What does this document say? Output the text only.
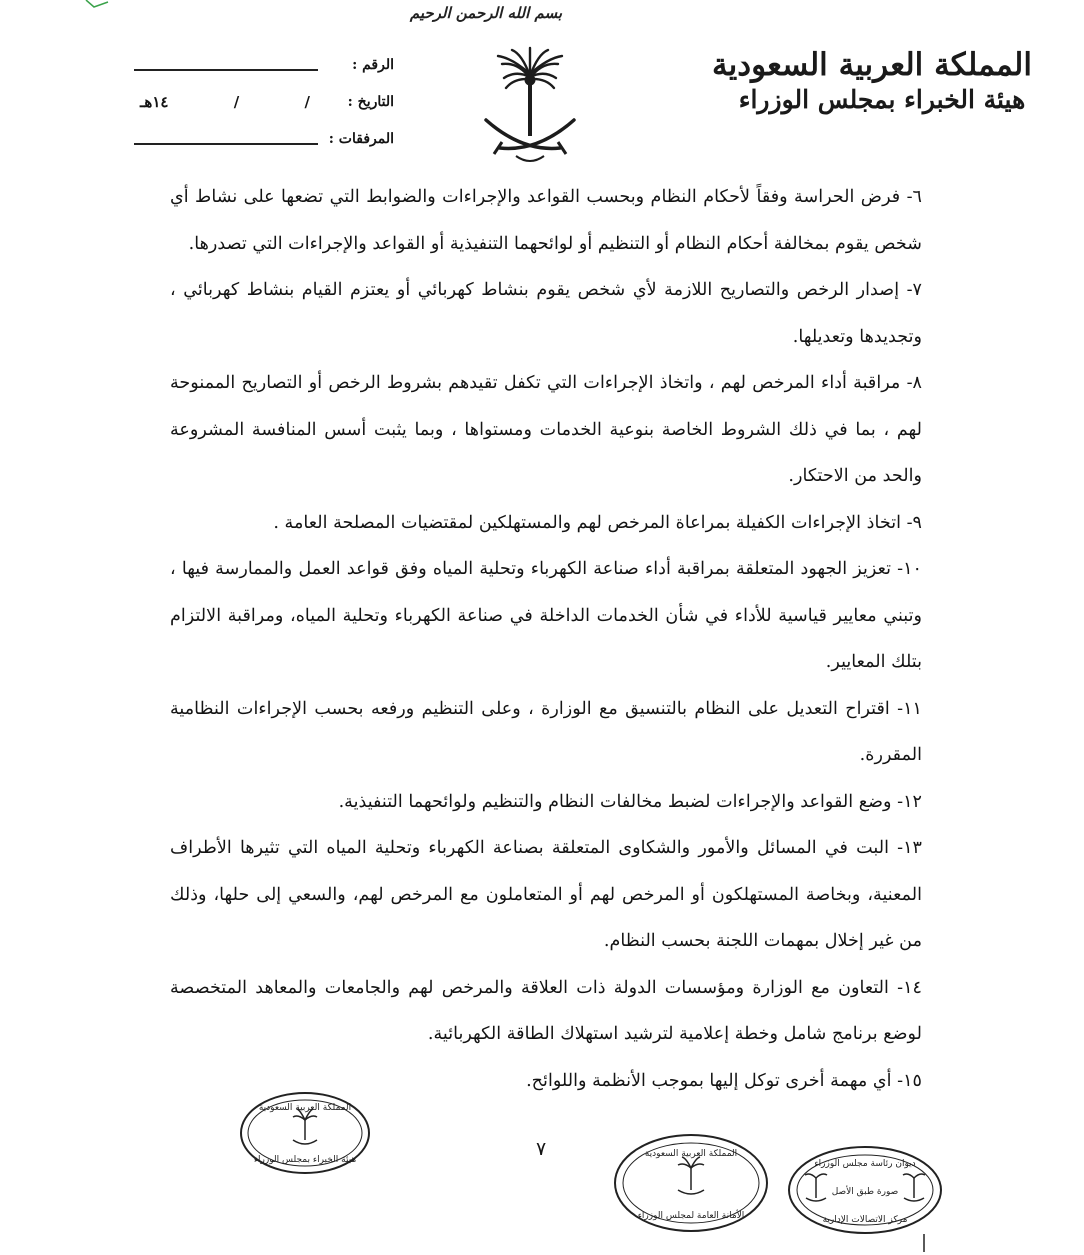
بسم الله الرحمن الرحيم
المملكة العربية السعودية
هيئة الخبراء بمجلس الوزراء
الرقم :
التاريخ :
/
/
١٤هـ
المرفقات :

٦- فرض الحراسة وفقاً لأحكام النظام وبحسب القواعد والإجراءات والضوابط التي تضعها على نشاط أي شخص يقوم بمخالفة أحكام النظام أو التنظيم أو لوائحهما التنفيذية أو القواعد والإجراءات التي تصدرها.

٧- إصدار الرخص والتصاريح اللازمة لأي شخص يقوم بنشاط كهربائي أو يعتزم القيام بنشاط كهربائي ، وتجديدها وتعديلها.

٨- مراقبة أداء المرخص لهم ، واتخاذ الإجراءات التي تكفل تقيدهم بشروط الرخص أو التصاريح الممنوحة لهم ، بما في ذلك الشروط الخاصة بنوعية الخدمات ومستواها ، وبما يثبت أسس المنافسة المشروعة والحد من الاحتكار.

٩- اتخاذ الإجراءات الكفيلة بمراعاة المرخص لهم والمستهلكين لمقتضيات المصلحة العامة .

١٠- تعزيز الجهود المتعلقة بمراقبة أداء صناعة الكهرباء وتحلية المياه وفق قواعد العمل والممارسة فيها ، وتبني معايير قياسية للأداء في شأن الخدمات الداخلة في صناعة الكهرباء وتحلية المياه، ومراقبة الالتزام بتلك المعايير.

١١- اقتراح التعديل على النظام بالتنسيق مع الوزارة ، وعلى التنظيم ورفعه بحسب الإجراءات النظامية المقررة.

١٢- وضع القواعد والإجراءات لضبط مخالفات النظام والتنظيم ولوائحهما التنفيذية.

١٣- البت في المسائل والأمور والشكاوى المتعلقة بصناعة الكهرباء وتحلية المياه التي تثيرها الأطراف المعنية، وبخاصة المستهلكون أو المرخص لهم أو المتعاملون مع المرخص لهم، والسعي إلى حلها، وذلك من غير إخلال بمهمات اللجنة بحسب النظام.

١٤- التعاون مع الوزارة ومؤسسات الدولة ذات العلاقة والمرخص لهم والجامعات والمعاهد المتخصصة لوضع برنامج شامل وخطة إعلامية لترشيد استهلاك الطاقة الكهربائية.

١٥- أي مهمة أخرى توكل إليها بموجب الأنظمة واللوائح.

٧
المملكة العربية السعودية
هيئة الخبراء بمجلس الوزراء
المملكة العربية السعودية
الأمانة العامة لمجلس الوزراء
ديوان رئاسة مجلس الوزراء
صورة طبق الأصل
مركز الاتصالات الإدارية
